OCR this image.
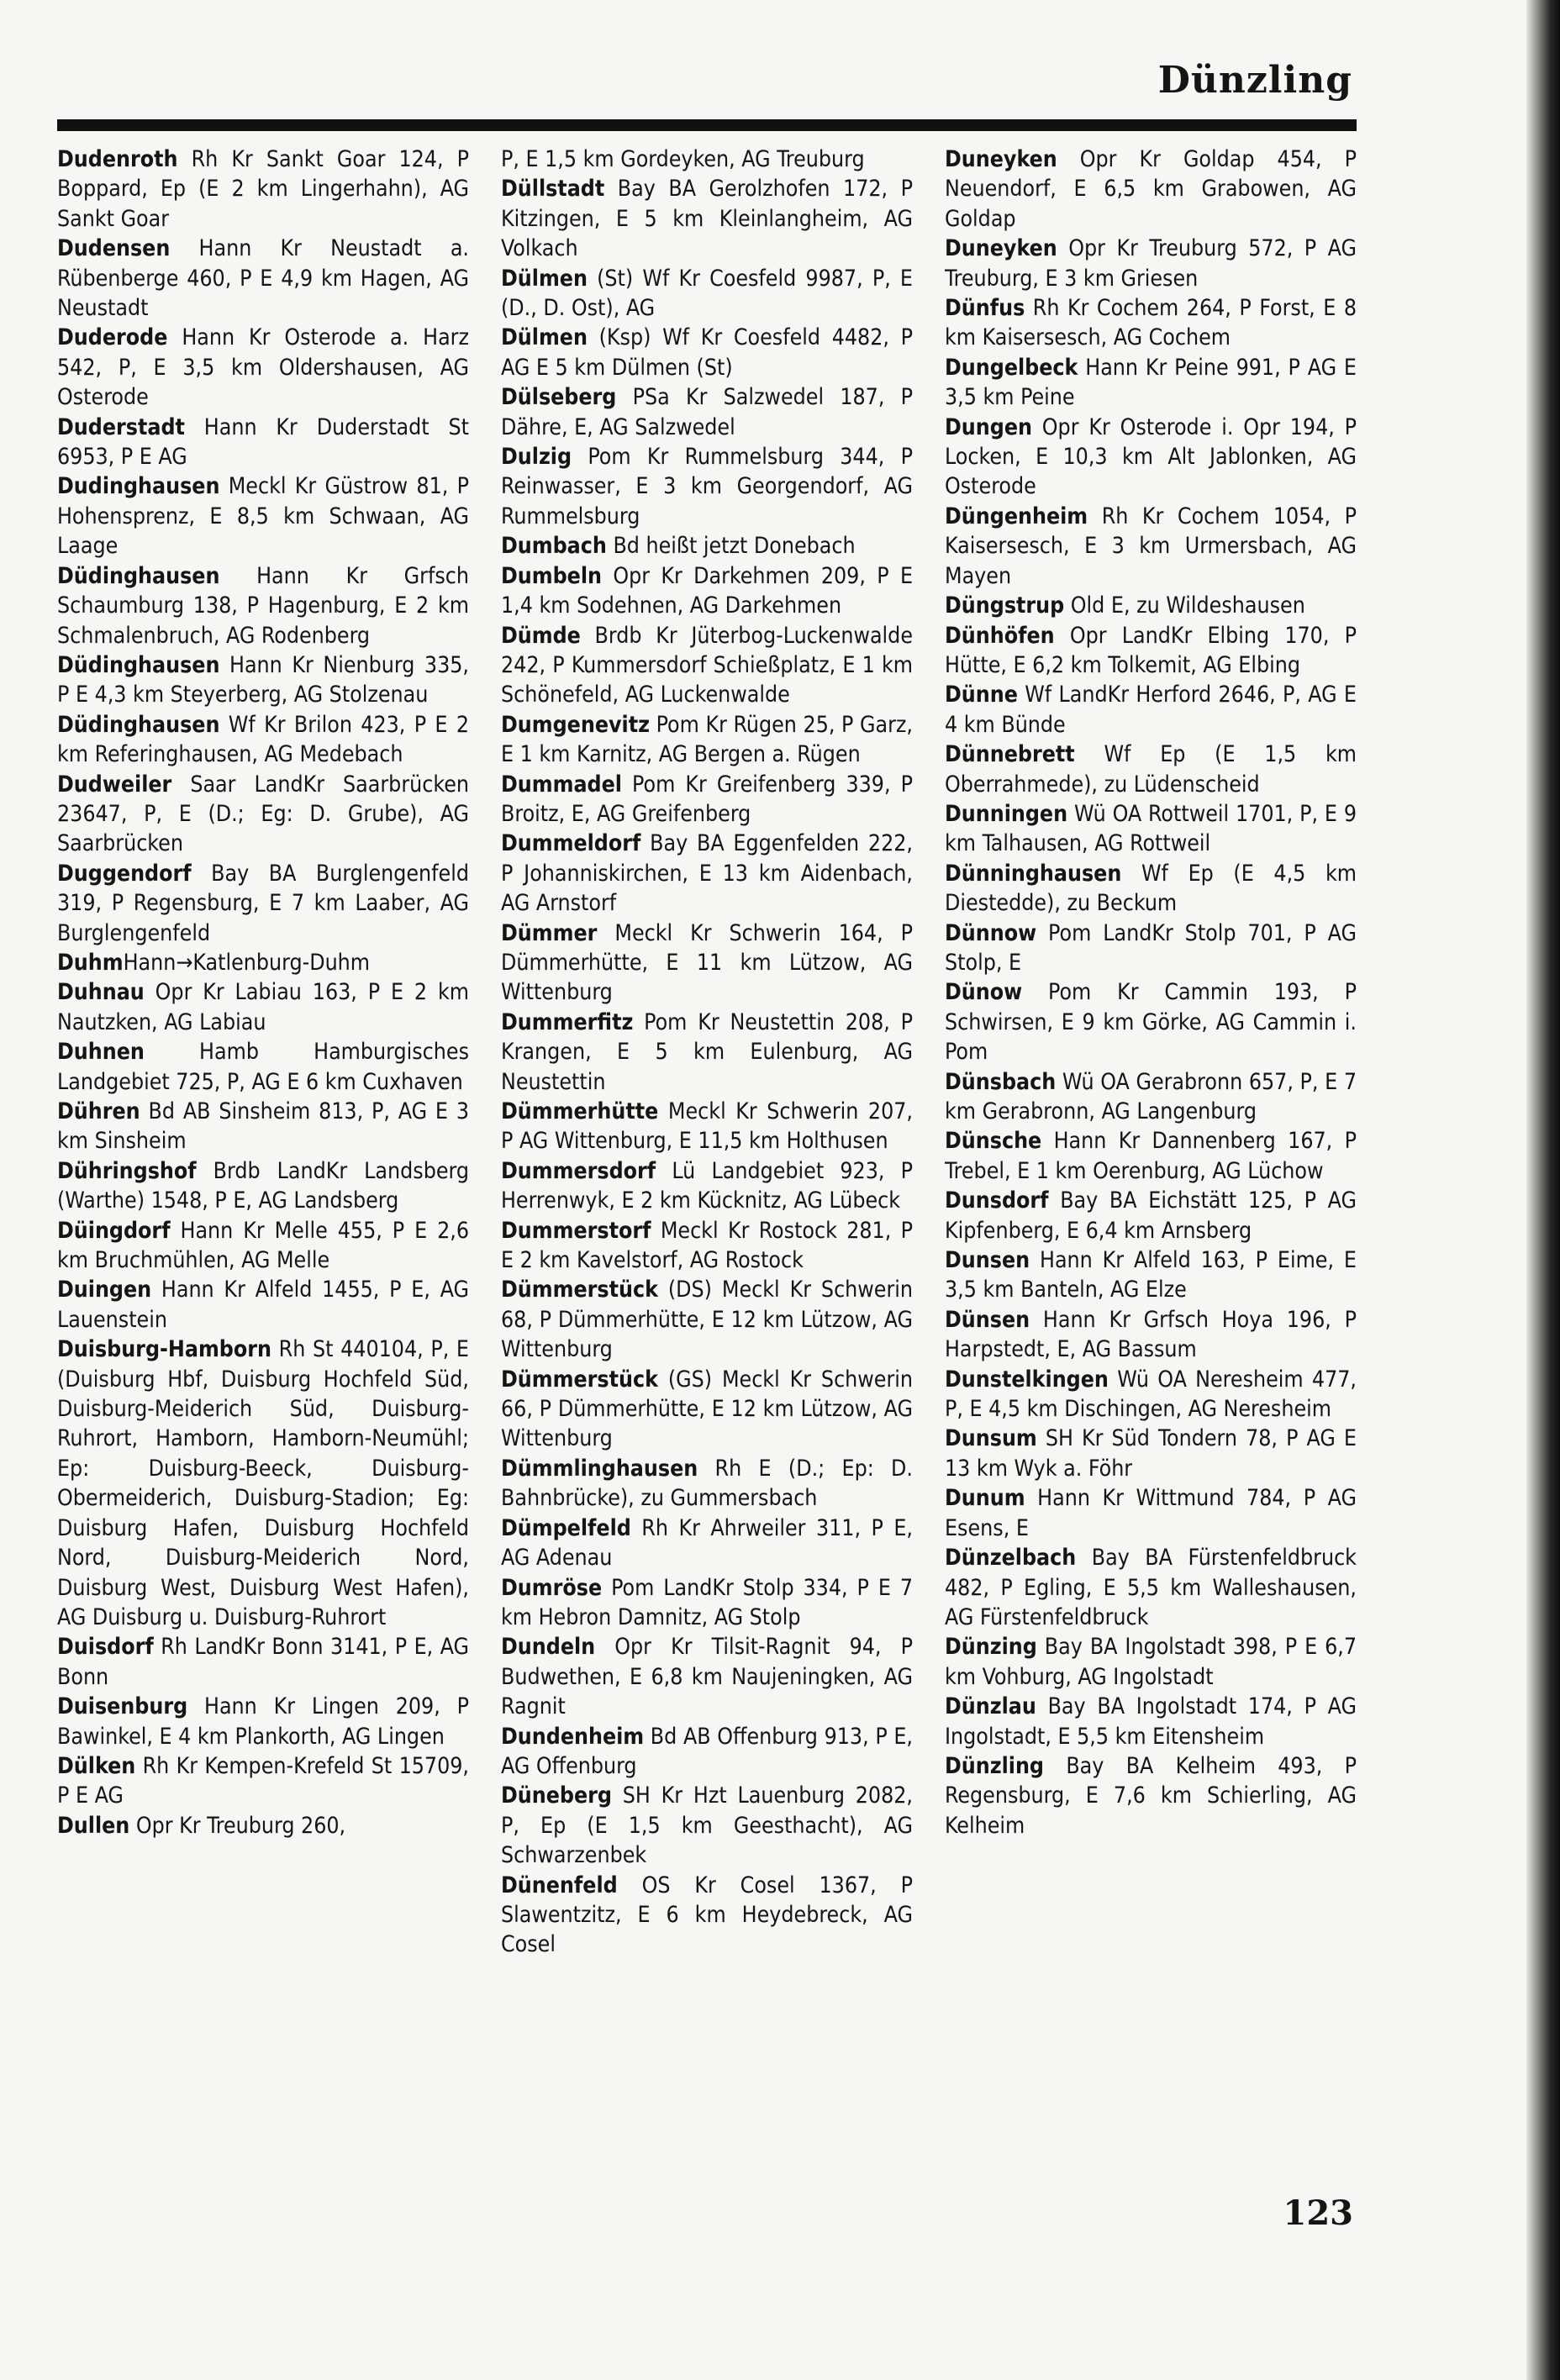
Dünzling

Dudenroth Rh Kr Sankt Goar 124, P Boppard, Ep (E 2 km Lingerhahn), AG Sankt Goar

Dudensen Hann Kr Neustadt a. Rübenberge 460, P E 4,9 km Hagen, AG Neustadt

Duderode Hann Kr Osterode a. Harz 542, P, E 3,5 km Oldershausen, AG Osterode

Duderstadt Hann Kr Duderstadt St 6953, P E AG

Dudinghausen Meckl Kr Güstrow 81, P Hohensprenz, E 8,5 km Schwaan, AG Laage

Düdinghausen Hann Kr Grfsch Schaumburg 138, P Hagenburg, E 2 km Schmalenbruch, AG Rodenberg

Düdinghausen Hann Kr Nienburg 335, P E 4,3 km Steyerberg, AG Stolzenau

Düdinghausen Wf Kr Brilon 423, P E 2 km Referinghausen, AG Medebach

Dudweiler Saar LandKr Saarbrücken 23647, P, E (D.; Eg: D. Grube), AG Saarbrücken

Duggendorf Bay BA Burglengenfeld 319, P Regensburg, E 7 km Laaber, AG Burglengenfeld

DuhmHann→Katlenburg-Duhm

Duhnau Opr Kr Labiau 163, P E 2 km Nautzken, AG Labiau

Duhnen Hamb Hamburgisches Landgebiet 725, P, AG E 6 km Cuxhaven

Dühren Bd AB Sinsheim 813, P, AG E 3 km Sinsheim

Dühringshof Brdb LandKr Landsberg (Warthe) 1548, P E, AG Landsberg

Düingdorf Hann Kr Melle 455, P E 2,6 km Bruchmühlen, AG Melle

Duingen Hann Kr Alfeld 1455, P E, AG Lauenstein

Duisburg-Hamborn Rh St 440104, P, E (Duisburg Hbf, Duisburg Hochfeld Süd, Duisburg-Meiderich Süd, Duisburg-Ruhrort, Hamborn, Hamborn-Neumühl; Ep: Duisburg-Beeck, Duisburg-Obermeiderich, Duisburg-Stadion; Eg: Duisburg Hafen, Duisburg Hochfeld Nord, Duisburg-Meiderich Nord, Duisburg West, Duisburg West Hafen), AG Duisburg u. Duisburg-Ruhrort

Duisdorf Rh LandKr Bonn 3141, P E, AG Bonn

Duisenburg Hann Kr Lingen 209, P Bawinkel, E 4 km Plankorth, AG Lingen

Dülken Rh Kr Kempen-Krefeld St 15709, P E AG

Dullen Opr Kr Treuburg 260,

P, E 1,5 km Gordeyken, AG Treuburg

Düllstadt Bay BA Gerolzhofen 172, P Kitzingen, E 5 km Kleinlangheim, AG Volkach

Dülmen (St) Wf Kr Coesfeld 9987, P, E (D., D. Ost), AG

Dülmen (Ksp) Wf Kr Coesfeld 4482, P AG E 5 km Dülmen (St)

Dülseberg PSa Kr Salzwedel 187, P Dähre, E, AG Salzwedel

Dulzig Pom Kr Rummelsburg 344, P Reinwasser, E 3 km Georgendorf, AG Rummelsburg

Dumbach Bd heißt jetzt Donebach

Dumbeln Opr Kr Darkehmen 209, P E 1,4 km Sodehnen, AG Darkehmen

Dümde Brdb Kr Jüterbog-Luckenwalde 242, P Kummersdorf Schießplatz, E 1 km Schönefeld, AG Luckenwalde

Dumgenevitz Pom Kr Rügen 25, P Garz, E 1 km Karnitz, AG Bergen a. Rügen

Dummadel Pom Kr Greifenberg 339, P Broitz, E, AG Greifenberg

Dummeldorf Bay BA Eggenfelden 222, P Johanniskirchen, E 13 km Aidenbach, AG Arnstorf

Dümmer Meckl Kr Schwerin 164, P Dümmerhütte, E 11 km Lützow, AG Wittenburg

Dummerfitz Pom Kr Neustettin 208, P Krangen, E 5 km Eulenburg, AG Neustettin

Dümmerhütte Meckl Kr Schwerin 207, P AG Wittenburg, E 11,5 km Holthusen

Dummersdorf Lü Landgebiet 923, P Herrenwyk, E 2 km Kücknitz, AG Lübeck

Dummerstorf Meckl Kr Rostock 281, P E 2 km Kavelstorf, AG Rostock

Dümmerstück (DS) Meckl Kr Schwerin 68, P Dümmerhütte, E 12 km Lützow, AG Wittenburg

Dümmerstück (GS) Meckl Kr Schwerin 66, P Dümmerhütte, E 12 km Lützow, AG Wittenburg

Dümmlinghausen Rh E (D.; Ep: D. Bahnbrücke), zu Gummersbach

Dümpelfeld Rh Kr Ahrweiler 311, P E, AG Adenau

Dumröse Pom LandKr Stolp 334, P E 7 km Hebron Damnitz, AG Stolp

Dundeln Opr Kr Tilsit-Ragnit 94, P Budwethen, E 6,8 km Naujeningken, AG Ragnit

Dundenheim Bd AB Offenburg 913, P E, AG Offenburg

Düneberg SH Kr Hzt Lauenburg 2082, P, Ep (E 1,5 km Geesthacht), AG Schwarzenbek

Dünenfeld OS Kr Cosel 1367, P Slawentzitz, E 6 km Heydebreck, AG Cosel

Duneyken Opr Kr Goldap 454, P Neuendorf, E 6,5 km Grabowen, AG Goldap

Duneyken Opr Kr Treuburg 572, P AG Treuburg, E 3 km Griesen

Dünfus Rh Kr Cochem 264, P Forst, E 8 km Kaisersesch, AG Cochem

Dungelbeck Hann Kr Peine 991, P AG E 3,5 km Peine

Dungen Opr Kr Osterode i. Opr 194, P Locken, E 10,3 km Alt Jablonken, AG Osterode

Düngenheim Rh Kr Cochem 1054, P Kaisersesch, E 3 km Urmersbach, AG Mayen

Düngstrup Old E, zu Wildeshausen

Dünhöfen Opr LandKr Elbing 170, P Hütte, E 6,2 km Tolkemit, AG Elbing

Dünne Wf LandKr Herford 2646, P, AG E 4 km Bünde

Dünnebrett Wf Ep (E 1,5 km Oberrahmede), zu Lüdenscheid

Dunningen Wü OA Rottweil 1701, P, E 9 km Talhausen, AG Rottweil

Dünninghausen Wf Ep (E 4,5 km Diestedde), zu Beckum

Dünnow Pom LandKr Stolp 701, P AG Stolp, E

Dünow Pom Kr Cammin 193, P Schwirsen, E 9 km Görke, AG Cammin i. Pom

Dünsbach Wü OA Gerabronn 657, P, E 7 km Gerabronn, AG Langenburg

Dünsche Hann Kr Dannenberg 167, P Trebel, E 1 km Oerenburg, AG Lüchow

Dunsdorf Bay BA Eichstätt 125, P AG Kipfenberg, E 6,4 km Arnsberg

Dunsen Hann Kr Alfeld 163, P Eime, E 3,5 km Banteln, AG Elze

Dünsen Hann Kr Grfsch Hoya 196, P Harpstedt, E, AG Bassum

Dunstelkingen Wü OA Neresheim 477, P, E 4,5 km Dischingen, AG Neresheim

Dunsum SH Kr Süd Tondern 78, P AG E 13 km Wyk a. Föhr

Dunum Hann Kr Wittmund 784, P AG Esens, E

Dünzelbach Bay BA Fürstenfeldbruck 482, P Egling, E 5,5 km Walleshausen, AG Fürstenfeldbruck

Dünzing Bay BA Ingolstadt 398, P E 6,7 km Vohburg, AG Ingolstadt

Dünzlau Bay BA Ingolstadt 174, P AG Ingolstadt, E 5,5 km Eitensheim

Dünzling Bay BA Kelheim 493, P Regensburg, E 7,6 km Schierling, AG Kelheim

123
